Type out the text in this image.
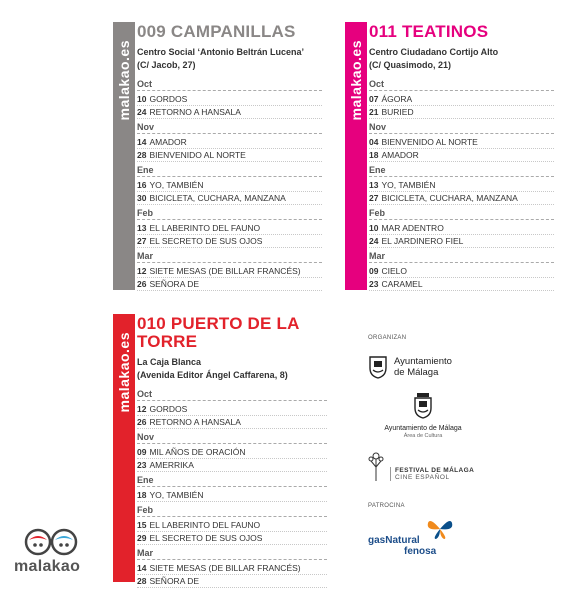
malakao.es
009 CAMPANILLAS
Centro Social ‘Antonio Beltrán Lucena’
(C/ Jacob, 27)
Oct
10 GORDOS
24 RETORNO A HANSALA
Nov
14 AMADOR
28 BIENVENIDO AL NORTE
Ene
16 YO, TAMBIÉN
30 BICICLETA, CUCHARA, MANZANA
Feb
13 EL LABERINTO DEL FAUNO
27 EL SECRETO DE SUS OJOS
Mar
12 SIETE MESAS (DE BILLAR FRANCÉS)
26 SEÑORA DE
malakao.es
011 TEATINOS
Centro Ciudadano Cortijo Alto
(C/ Quasimodo, 21)
Oct
07 ÁGORA
21 BURIED
Nov
04 BIENVENIDO AL NORTE
18 AMADOR
Ene
13 YO, TAMBIÉN
27 BICICLETA, CUCHARA, MANZANA
Feb
10 MAR ADENTRO
24 EL JARDINERO FIEL
Mar
09 CIELO
23 CARAMEL
malakao.es
010 PUERTO DE LA TORRE
La Caja Blanca
(Avenida Editor Ángel Caffarena, 8)
Oct
12 GORDOS
26 RETORNO A HANSALA
Nov
09 MIL AÑOS DE ORACIÓN
23 AMERRIKA
Ene
18 YO, TAMBIÉN
Feb
15 EL LABERINTO DEL FAUNO
29 EL SECRETO DE SUS OJOS
Mar
14 SIETE MESAS (DE BILLAR FRANCÉS)
28 SEÑORA DE
ORGANIZAN
Ayuntamiento
de Málaga
Ayuntamiento de Málaga
Área de Cultura
FESTIVAL DE MÁLAGA
CINE ESPAÑOL
PATROCINA
gasNatural
fenosa
malakao
